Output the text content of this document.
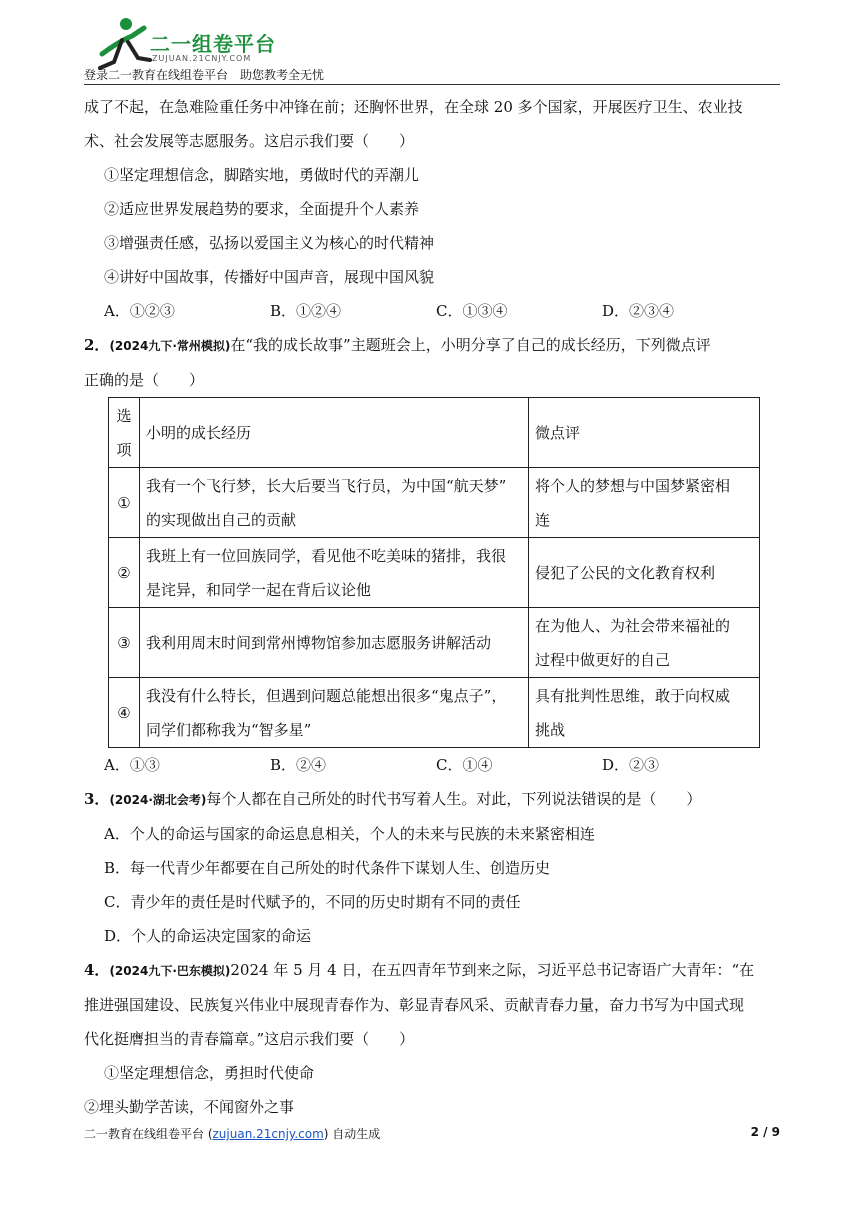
二一组卷平台
ZUJUAN.21CNJY.COM
登录二一教育在线组卷平台　助您教考全无忧
成了不起，在急难险重任务中冲锋在前；还胸怀世界，在全球 20 多个国家，开展医疗卫生、农业技
术、社会发展等志愿服务。这启示我们要（　　）
①坚定理想信念，脚踏实地，勇做时代的弄潮儿
②适应世界发展趋势的要求，全面提升个人素养
③增强责任感，弘扬以爱国主义为核心的时代精神
④讲好中国故事，传播好中国声音，展现中国风貌
A．①②③	B．①②④	C．①③④	D．②③④
2．(2024九下·常州模拟)在“我的成长故事”主题班会上，小明分享了自己的成长经历，下列微点评
正确的是（　　）
选
项	小明的成长经历	微点评
①	我有一个飞行梦，长大后要当飞行员，为中国“航天梦”
的实现做出自己的贡献	将个人的梦想与中国梦紧密相
连
②	我班上有一位回族同学，看见他不吃美味的猪排，我很
是诧异，和同学一起在背后议论他	侵犯了公民的文化教育权利
③	我利用周末时间到常州博物馆参加志愿服务讲解活动	在为他人、为社会带来福祉的
过程中做更好的自己
④	我没有什么特长，但遇到问题总能想出很多“鬼点子”，
同学们都称我为“智多星”	具有批判性思维，敢于向权威
挑战
A．①③	B．②④	C．①④	D．②③
3．(2024·湖北会考)每个人都在自己所处的时代书写着人生。对此，下列说法错误的是（　　）
A．个人的命运与国家的命运息息相关，个人的未来与民族的未来紧密相连
B．每一代青少年都要在自己所处的时代条件下谋划人生、创造历史
C．青少年的责任是时代赋予的，不同的历史时期有不同的责任
D．个人的命运决定国家的命运
4．(2024九下·巴东模拟)2024 年 5 月 4 日，在五四青年节到来之际，习近平总书记寄语广大青年：“在
推进强国建设、民族复兴伟业中展现青春作为、彰显青春风采、贡献青春力量，奋力书写为中国式现
代化挺膺担当的青春篇章。”这启示我们要（　　）
①坚定理想信念，勇担时代使命
②埋头勤学苦读，不闻窗外之事
二一教育在线组卷平台 (zujuan.21cnjy.com) 自动生成	2 / 9
